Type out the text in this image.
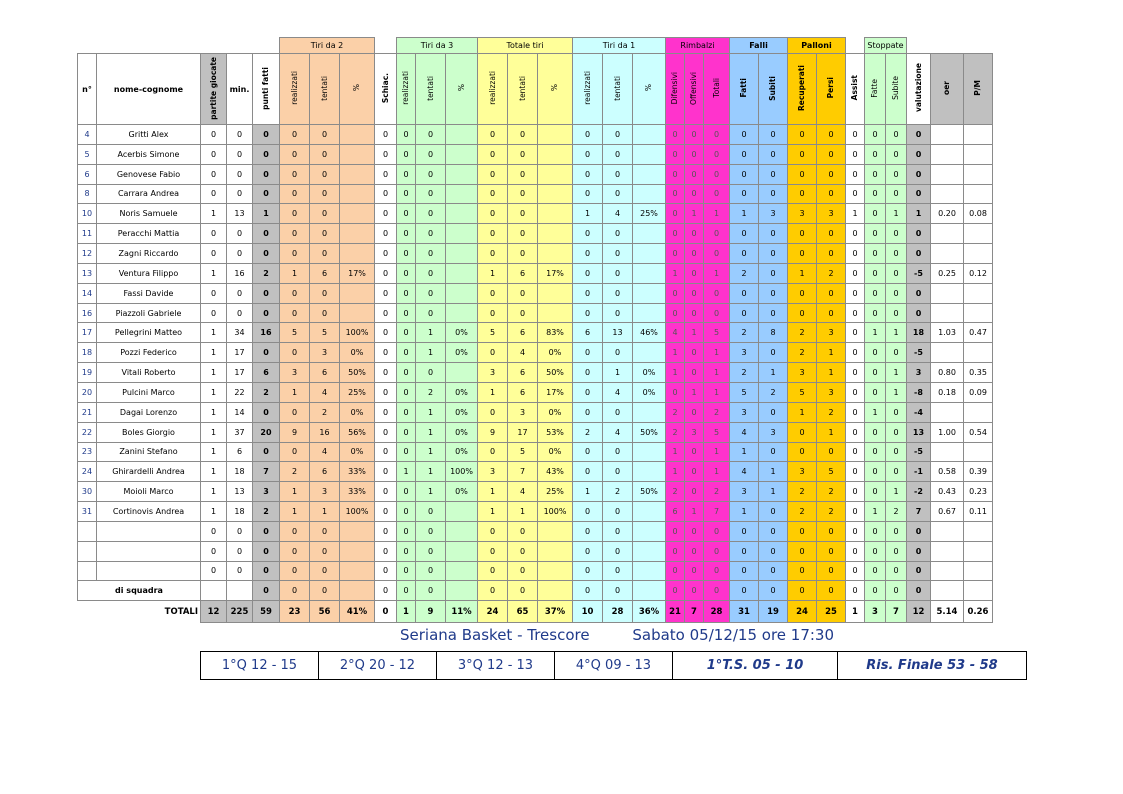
					Tiri da 2				Tiri da 3			Totale tiri			Tiri da 1			Rimbalzi			Falli		Palloni			Stoppate				
n°	nome-cognome	partite giocate	min.	punti fatti	realizzati	tentati	%	Schiac.	realizzati	tentati	%	realizzati	tentati	%	realizzati	tentati	%	Difensivi	Offensivi	Totali	Fatti	Subiti	Recuperati	Persi	Assist	Fatte	Subite	valutazione	oer	P/M
4	Gritti Alex	0	0	0	0	0		0	0	0		0	0		0	0		0	0	0	0	0	0	0	0	0	0	0		
5	Acerbis Simone	0	0	0	0	0		0	0	0		0	0		0	0		0	0	0	0	0	0	0	0	0	0	0		
6	Genovese Fabio	0	0	0	0	0		0	0	0		0	0		0	0		0	0	0	0	0	0	0	0	0	0	0		
8	Carrara Andrea	0	0	0	0	0		0	0	0		0	0		0	0		0	0	0	0	0	0	0	0	0	0	0		
10	Noris Samuele	1	13	1	0	0		0	0	0		0	0		1	4	25%	0	1	1	1	3	3	3	1	0	1	1	0.20	0.08
11	Peracchi Mattia	0	0	0	0	0		0	0	0		0	0		0	0		0	0	0	0	0	0	0	0	0	0	0		
12	Zagni Riccardo	0	0	0	0	0		0	0	0		0	0		0	0		0	0	0	0	0	0	0	0	0	0	0		
13	Ventura Filippo	1	16	2	1	6	17%	0	0	0		1	6	17%	0	0		1	0	1	2	0	1	2	0	0	0	-5	0.25	0.12
14	Fassi Davide	0	0	0	0	0		0	0	0		0	0		0	0		0	0	0	0	0	0	0	0	0	0	0		
16	Piazzoli Gabriele	0	0	0	0	0		0	0	0		0	0		0	0		0	0	0	0	0	0	0	0	0	0	0		
17	Pellegrini Matteo	1	34	16	5	5	100%	0	0	1	0%	5	6	83%	6	13	46%	4	1	5	2	8	2	3	0	1	1	18	1.03	0.47
18	Pozzi Federico	1	17	0	0	3	0%	0	0	1	0%	0	4	0%	0	0		1	0	1	3	0	2	1	0	0	0	-5		
19	Vitali Roberto	1	17	6	3	6	50%	0	0	0		3	6	50%	0	1	0%	1	0	1	2	1	3	1	0	0	1	3	0.80	0.35
20	Pulcini Marco	1	22	2	1	4	25%	0	0	2	0%	1	6	17%	0	4	0%	0	1	1	5	2	5	3	0	0	1	-8	0.18	0.09
21	Dagai Lorenzo	1	14	0	0	2	0%	0	0	1	0%	0	3	0%	0	0		2	0	2	3	0	1	2	0	1	0	-4		
22	Boles Giorgio	1	37	20	9	16	56%	0	0	1	0%	9	17	53%	2	4	50%	2	3	5	4	3	0	1	0	0	0	13	1.00	0.54
23	Zanini Stefano	1	6	0	0	4	0%	0	0	1	0%	0	5	0%	0	0		1	0	1	1	0	0	0	0	0	0	-5		
24	Ghirardelli Andrea	1	18	7	2	6	33%	0	1	1	100%	3	7	43%	0	0		1	0	1	4	1	3	5	0	0	0	-1	0.58	0.39
30	Moioli Marco	1	13	3	1	3	33%	0	0	1	0%	1	4	25%	1	2	50%	2	0	2	3	1	2	2	0	0	1	-2	0.43	0.23
31	Cortinovis Andrea	1	18	2	1	1	100%	0	0	0		1	1	100%	0	0		6	1	7	1	0	2	2	0	1	2	7	0.67	0.11
		0	0	0	0	0		0	0	0		0	0		0	0		0	0	0	0	0	0	0	0	0	0	0		
		0	0	0	0	0		0	0	0		0	0		0	0		0	0	0	0	0	0	0	0	0	0	0		
		0	0	0	0	0		0	0	0		0	0		0	0		0	0	0	0	0	0	0	0	0	0	0		
di squadra				0	0	0		0	0	0		0	0		0	0		0	0	0	0	0	0	0	0	0	0	0		
TOTALI		12	225	59	23	56	41%	0	1	9	11%	24	65	37%	10	28	36%	21	7	28	31	19	24	25	1	3	7	12	5.14	0.26
Seriana Basket - Trescore	Sabato 05/12/15 ore 17:30
1°Q 12 - 15	2°Q 20 - 12	3°Q 12 - 13	4°Q 09 - 13	1°T.S. 05 - 10	Ris. Finale 53 - 58
